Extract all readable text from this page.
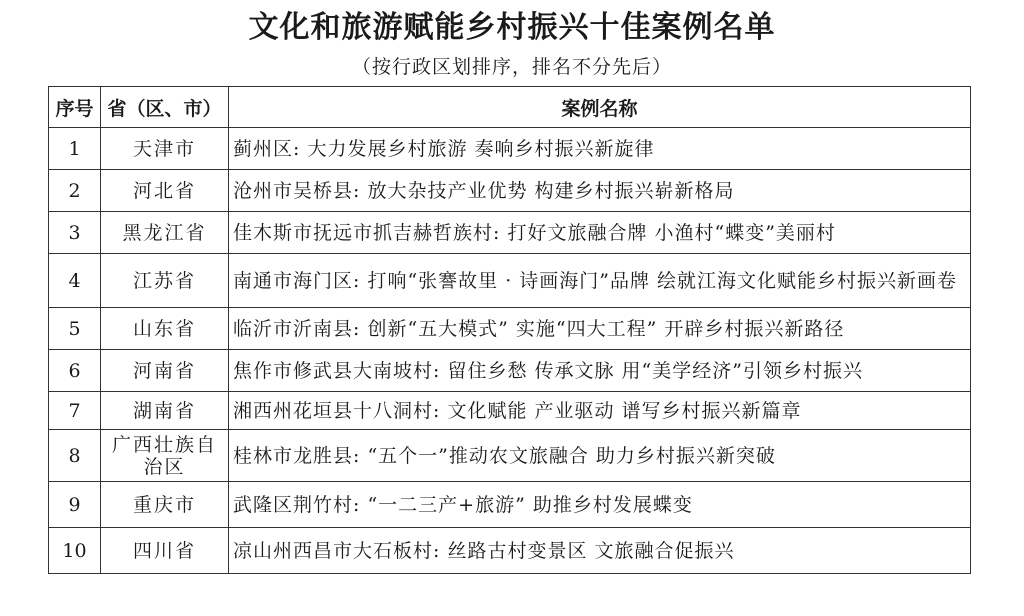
文化和旅游赋能乡村振兴十佳案例名单
（按行政区划排序，排名不分先后）
序号	省（区、市）	案例名称
1	天津市	蓟州区: 大力发展乡村旅游 奏响乡村振兴新旋律
2	河北省	沧州市吴桥县: 放大杂技产业优势 构建乡村振兴崭新格局
3	黑龙江省	佳木斯市抚远市抓吉赫哲族村: 打好文旅融合牌 小渔村“蝶变”美丽村
4	江苏省	南通市海门区: 打响“张謇故里 · 诗画海门”品牌 绘就江海文化赋能乡村振兴新画卷
5	山东省	临沂市沂南县: 创新“五大模式” 实施“四大工程” 开辟乡村振兴新路径
6	河南省	焦作市修武县大南坡村: 留住乡愁 传承文脉 用“美学经济”引领乡村振兴
7	湖南省	湘西州花垣县十八洞村: 文化赋能 产业驱动 谱写乡村振兴新篇章
8	广西壮族自治区	桂林市龙胜县: “五个一”推动农文旅融合 助力乡村振兴新突破
9	重庆市	武隆区荆竹村: “一二三产+旅游” 助推乡村发展蝶变
10	四川省	凉山州西昌市大石板村: 丝路古村变景区 文旅融合促振兴
